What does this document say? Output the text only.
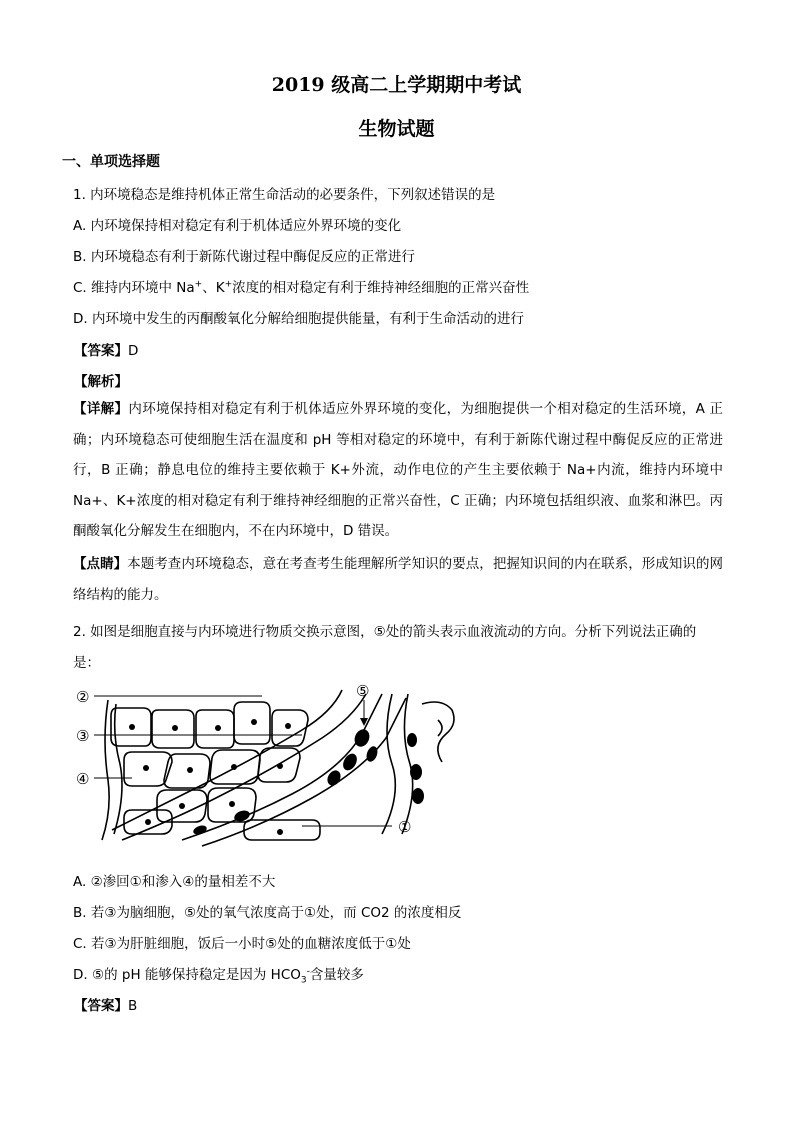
2019 级高二上学期期中考试
生物试题
一、单项选择题
1. 内环境稳态是维持机体正常生命活动的必要条件，下列叙述错误的是
A. 内环境保持相对稳定有利于机体适应外界环境的变化
B. 内环境稳态有利于新陈代谢过程中酶促反应的正常进行
C. 维持内环境中 Na+、K+浓度的相对稳定有利于维持神经细胞的正常兴奋性
D. 内环境中发生的丙酮酸氧化分解给细胞提供能量，有利于生命活动的进行
【答案】D
【解析】

【详解】内环境保持相对稳定有利于机体适应外界环境的变化，为细胞提供一个相对稳定的生活环境，A 正确；内环境稳态可使细胞生活在温度和 pH 等相对稳定的环境中，有利于新陈代谢过程中酶促反应的正常进行，B 正确；静息电位的维持主要依赖于 K+外流，动作电位的产生主要依赖于 Na+内流，维持内环境中 Na+、K+浓度的相对稳定有利于维持神经细胞的正常兴奋性，C 正确；内环境包括组织液、血浆和淋巴。丙酮酸氧化分解发生在细胞内，不在内环境中，D 错误。

【点睛】本题考查内环境稳态，意在考查考生能理解所学知识的要点，把握知识间的内在联系，形成知识的网络结构的能力。

2. 如图是细胞直接与内环境进行物质交换示意图，⑤处的箭头表示血液流动的方向。分析下列说法正确的
是：
②
③
④
⑤
①
A. ②渗回①和渗入④的量相差不大
B. 若③为脑细胞，⑤处的氧气浓度高于①处，而 CO2 的浓度相反
C. 若③为肝脏细胞，饭后一小时⑤处的血糖浓度低于①处
D. ⑤的 pH 能够保持稳定是因为 $HCO_3^-$含量较多
【答案】B
